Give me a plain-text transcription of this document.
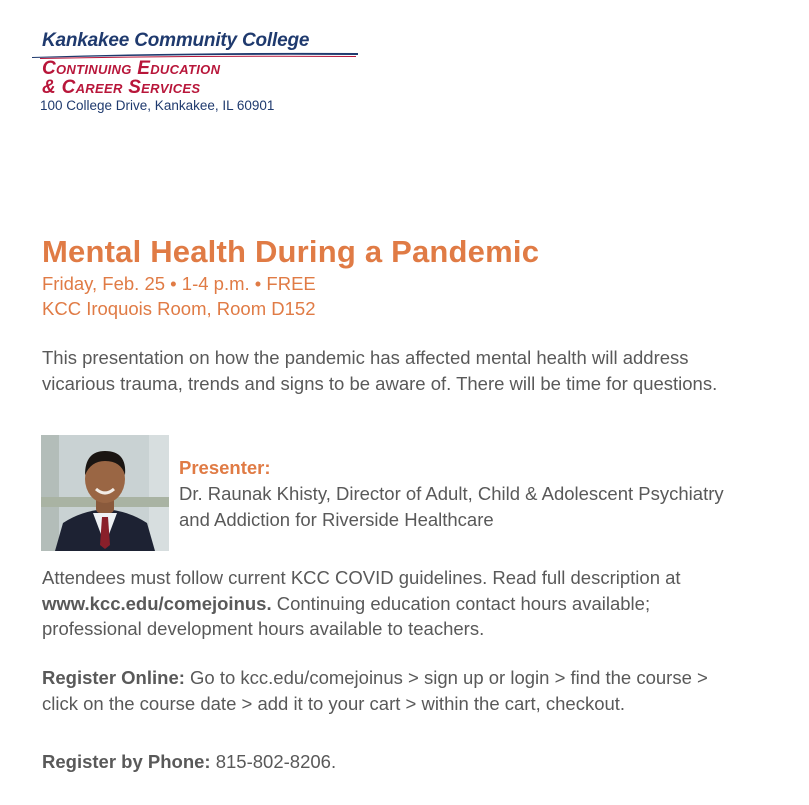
Kankakee Community College
Continuing Education
& Career Services
100 College Drive, Kankakee, IL 60901
Mental Health During a Pandemic
Friday, Feb. 25 • 1-4 p.m. • FREE
KCC Iroquois Room, Room D152

This presentation on how the pandemic has affected mental health will address vicarious trauma, trends and signs to be aware of. There will be time for questions.

Presenter:
Dr. Raunak Khisty, Director of Adult, Child & Adolescent Psychiatry and Addiction for Riverside Healthcare

Attendees must follow current KCC COVID guidelines. Read full description at www.kcc.edu/comejoinus. Continuing education contact hours available; professional development hours available to teachers.

Register Online: Go to kcc.edu/comejoinus > sign up or login > find the course > click on the course date > add it to your cart > within the cart, checkout.

Register by Phone: 815-802-8206.
